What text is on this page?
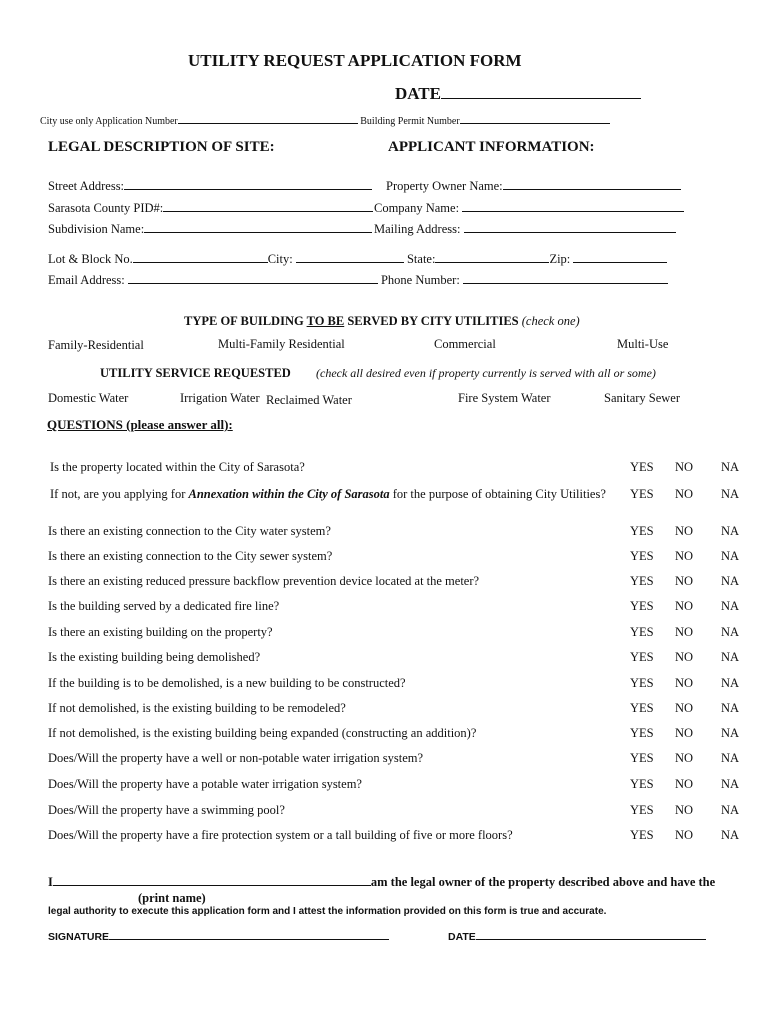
UTILITY REQUEST APPLICATION FORM
DATE
City use only Application Number	Building Permit Number
LEGAL DESCRIPTION OF SITE:	APPLICANT INFORMATION:
Street Address:	Property Owner Name:
Sarasota County PID#:	Company Name:
Subdivision Name:	Mailing Address:
Lot & Block No.	City:	State:	Zip:
Email Address:	Phone Number:
TYPE OF BUILDING TO BE SERVED BY CITY UTILITIES (check one)
Family-Residential	Multi-Family Residential	Commercial	Multi-Use
UTILITY SERVICE REQUESTED (check all desired even if property currently is served with all or some)
Domestic Water	Irrigation Water Reclaimed Water	Fire System Water	Sanitary Sewer
QUESTIONS (please answer all):
Is the property located within the City of Sarasota?	YES NO NA
If not, are you applying for Annexation within the City of Sarasota for the purpose of obtaining City Utilities? YES NO NA
Is there an existing connection to the City water system?	YES NO NA
Is there an existing connection to the City sewer system?	YES NO NA
Is there an existing reduced pressure backflow prevention device located at the meter?	YES NO NA
Is the building served by a dedicated fire line?	YES NO NA
Is there an existing building on the property?	YES NO NA
Is the existing building being demolished?	YES NO NA
If the building is to be demolished, is a new building to be constructed?	YES NO NA
If not demolished, is the existing building to be remodeled?	YES NO NA
If not demolished, is the existing building being expanded (constructing an addition)?	YES NO NA
Does/Will the property have a well or non-potable water irrigation system?	YES NO NA
Does/Will the property have a potable water irrigation system?	YES NO NA
Does/Will the property have a swimming pool?	YES NO NA
Does/Will the property have a fire protection system or a tall building of five or more floors?	YES NO NA
I	am the legal owner of the property described above and have the
(print name)
legal authority to execute this application form and I attest the information provided on this form is true and accurate.
SIGNATURE	DATE
